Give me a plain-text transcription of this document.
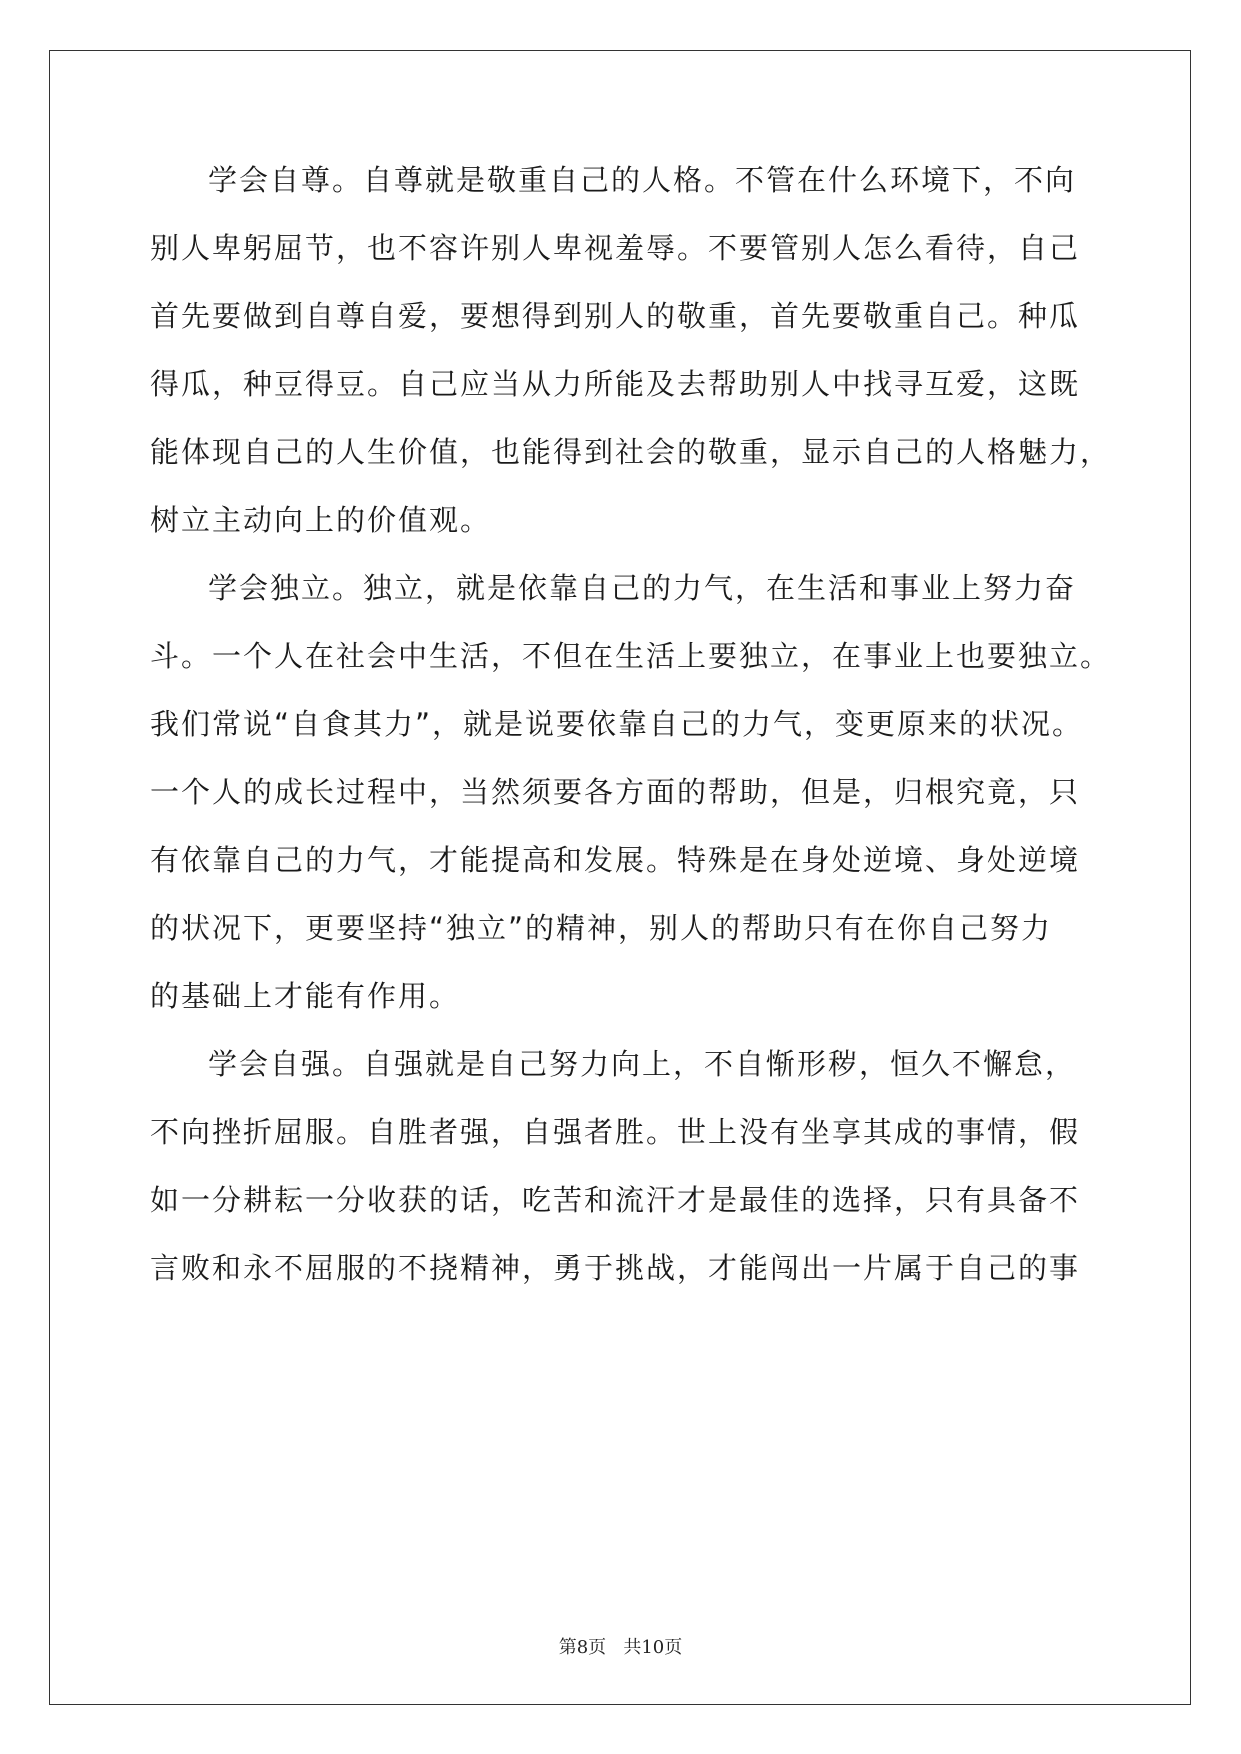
学会自尊。自尊就是敬重自己的人格。不管在什么环境下，不向
别人卑躬屈节，也不容许别人卑视羞辱。不要管别人怎么看待，自己
首先要做到自尊自爱，要想得到别人的敬重，首先要敬重自己。种瓜
得瓜，种豆得豆。自己应当从力所能及去帮助别人中找寻互爱，这既
能体现自己的人生价值，也能得到社会的敬重，显示自己的人格魅力，
树立主动向上的价值观。
学会独立。独立，就是依靠自己的力气，在生活和事业上努力奋
斗。一个人在社会中生活，不但在生活上要独立，在事业上也要独立。
我们常说“自食其力”，就是说要依靠自己的力气，变更原来的状况。
一个人的成长过程中，当然须要各方面的帮助，但是，归根究竟，只
有依靠自己的力气，才能提高和发展。特殊是在身处逆境、身处逆境
的状况下，更要坚持“独立”的精神，别人的帮助只有在你自己努力
的基础上才能有作用。
学会自强。自强就是自己努力向上，不自惭形秽，恒久不懈怠，
不向挫折屈服。自胜者强，自强者胜。世上没有坐享其成的事情，假
如一分耕耘一分收获的话，吃苦和流汗才是最佳的选择，只有具备不
言败和永不屈服的不挠精神，勇于挑战，才能闯出一片属于自己的事
第8页 共10页
